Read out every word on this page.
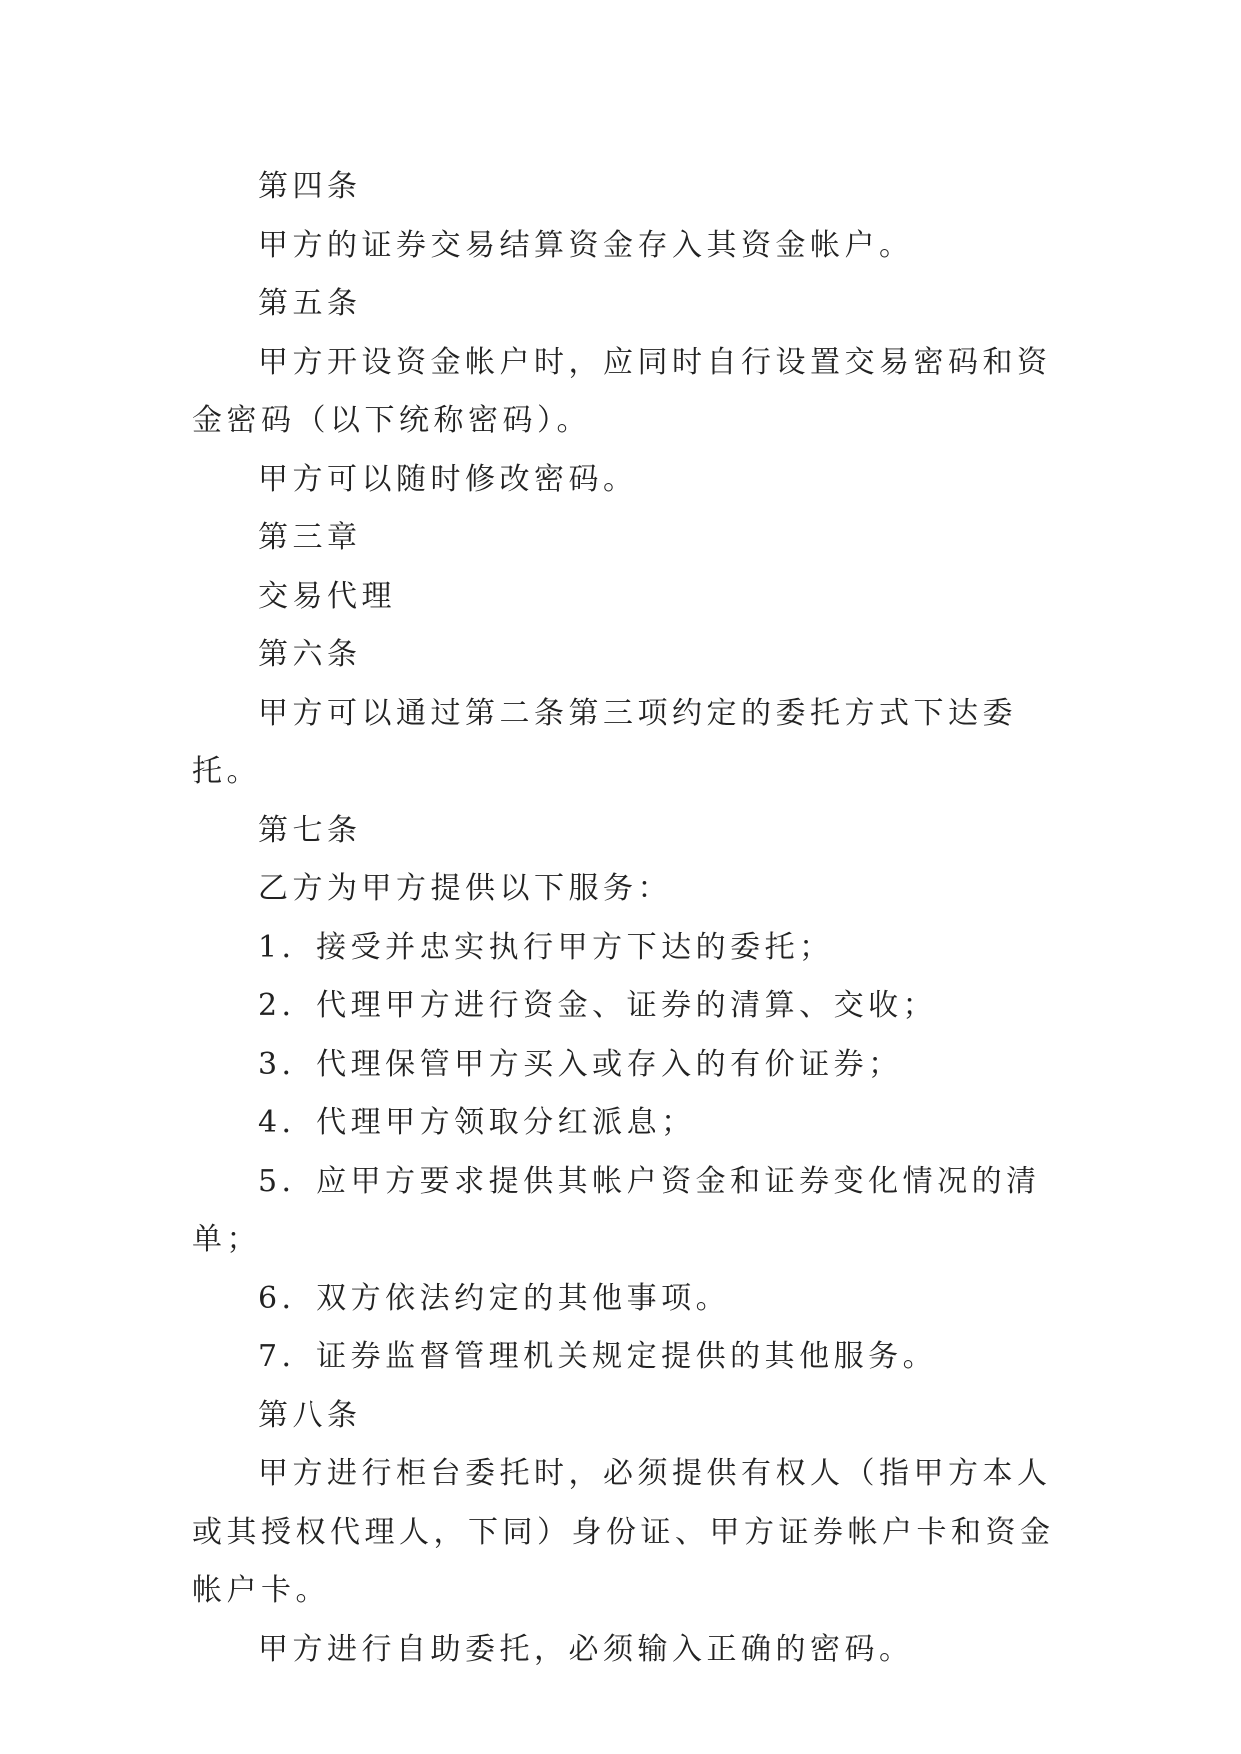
第四条

甲方的证券交易结算资金存入其资金帐户。

第五条

甲方开设资金帐户时，应同时自行设置交易密码和资金密码（以下统称密码）。

甲方可以随时修改密码。

第三章

交易代理

第六条

甲方可以通过第二条第三项约定的委托方式下达委托。

第七条

乙方为甲方提供以下服务：

1．接受并忠实执行甲方下达的委托；

2．代理甲方进行资金、证券的清算、交收；

3．代理保管甲方买入或存入的有价证券；

4．代理甲方领取分红派息；

5．应甲方要求提供其帐户资金和证券变化情况的清单；

6．双方依法约定的其他事项。

7．证券监督管理机关规定提供的其他服务。

第八条

甲方进行柜台委托时，必须提供有权人（指甲方本人或其授权代理人，下同）身份证、甲方证券帐户卡和资金帐户卡。

甲方进行自助委托，必须输入正确的密码。
